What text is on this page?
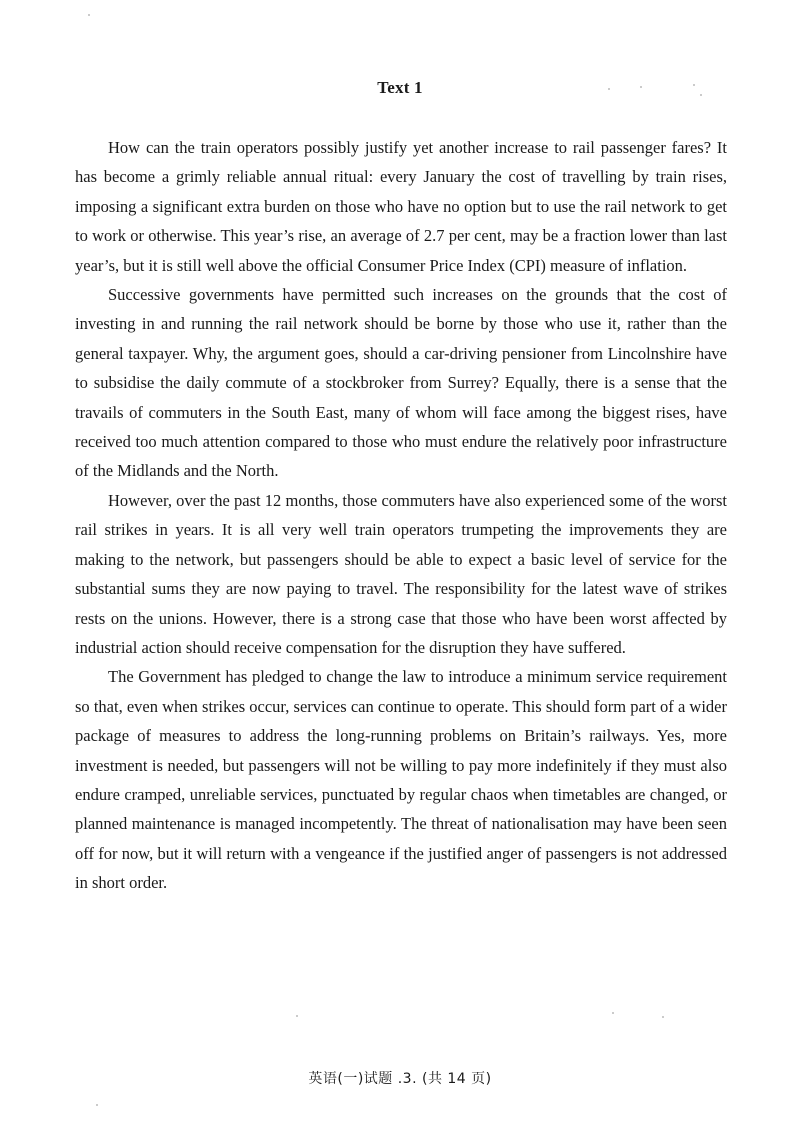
Text 1

How can the train operators possibly justify yet another increase to rail passenger fares? It has become a grimly reliable annual ritual: every January the cost of travelling by train rises, imposing a significant extra burden on those who have no option but to use the rail network to get to work or otherwise. This year’s rise, an average of 2.7 per cent, may be a fraction lower than last year’s, but it is still well above the official Consumer Price Index (CPI) measure of inflation.

Successive governments have permitted such increases on the grounds that the cost of investing in and running the rail network should be borne by those who use it, rather than the general taxpayer. Why, the argument goes, should a car-driving pensioner from Lincolnshire have to subsidise the daily commute of a stockbroker from Surrey? Equally, there is a sense that the travails of commuters in the South East, many of whom will face among the biggest rises, have received too much attention compared to those who must endure the relatively poor infrastructure of the Midlands and the North.

However, over the past 12 months, those commuters have also experienced some of the worst rail strikes in years. It is all very well train operators trumpeting the improvements they are making to the network, but passengers should be able to expect a basic level of service for the substantial sums they are now paying to travel. The responsibility for the latest wave of strikes rests on the unions. However, there is a strong case that those who have been worst affected by industrial action should receive compensation for the disruption they have suffered.

The Government has pledged to change the law to introduce a minimum service requirement so that, even when strikes occur, services can continue to operate. This should form part of a wider package of measures to address the long-running problems on Britain’s railways. Yes, more investment is needed, but passengers will not be willing to pay more indefinitely if they must also endure cramped, unreliable services, punctuated by regular chaos when timetables are changed, or planned maintenance is managed incompetently. The threat of nationalisation may have been seen off for now, but it will return with a vengeance if the justified anger of passengers is not addressed in short order.

英语(一)试题 .3. (共 14 页)
